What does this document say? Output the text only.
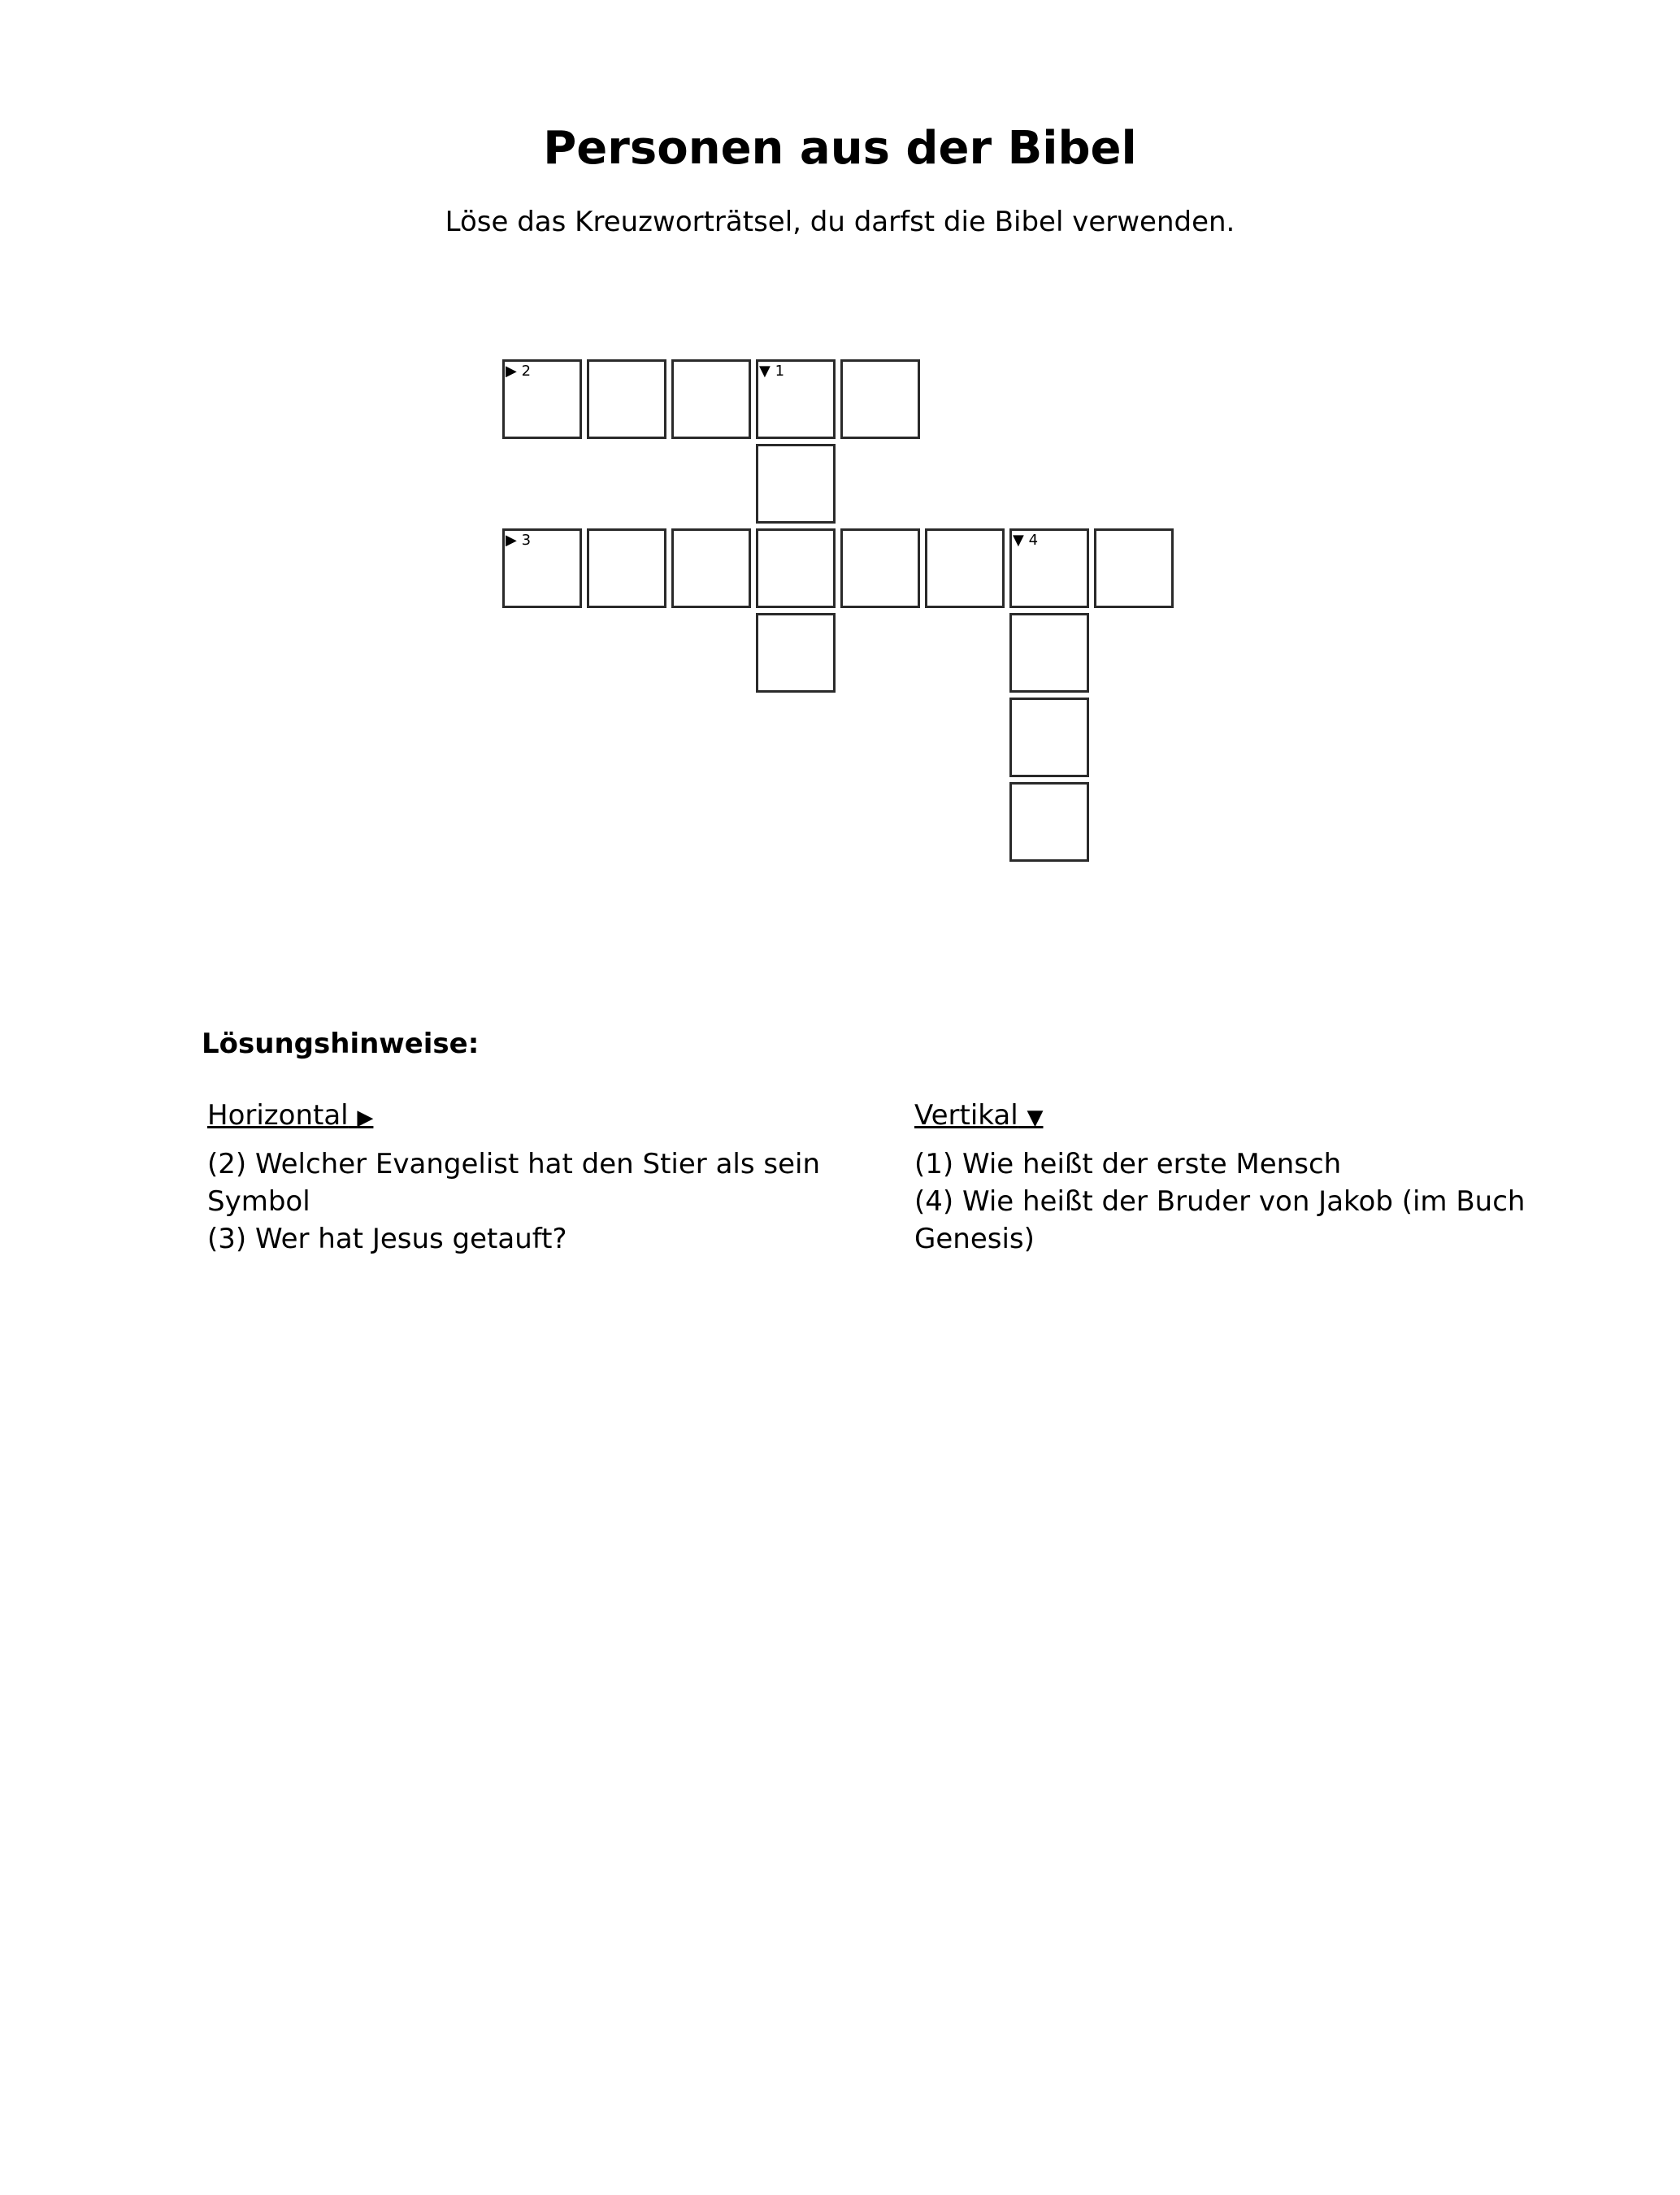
Personen aus der Bibel

Löse das Kreuzworträtsel, du darfst die Bibel verwenden.

▶ 2	▼ 1
▶ 3	▼ 4
Lösungshinweise:
Horizontal ▶

(2) Welcher Evangelist hat den Stier als sein Symbol

(3) Wer hat Jesus getauft?

Vertikal ▼

(1) Wie heißt der erste Mensch

(4) Wie heißt der Bruder von Jakob (im Buch Genesis)
